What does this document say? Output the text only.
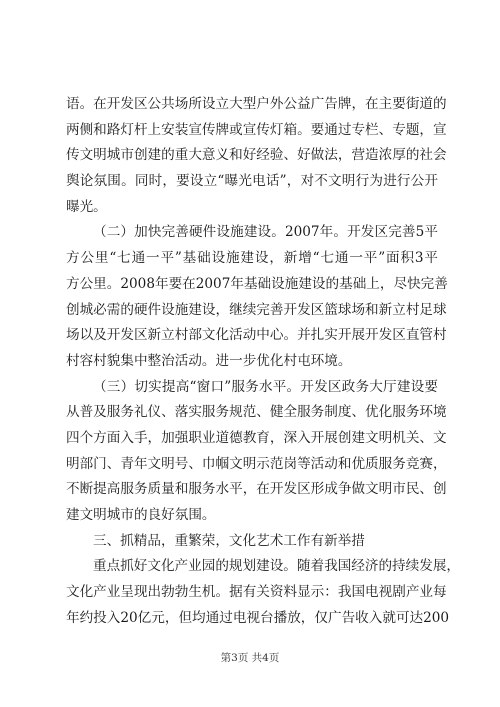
语。在开发区公共场所设立大型户外公益广告牌，在主要街道的
两侧和路灯杆上安装宣传牌或宣传灯箱。要通过专栏、专题，宣
传文明城市创建的重大意义和好经验、好做法，营造浓厚的社会
舆论氛围。同时，要设立“曝光电话”，对不文明行为进行公开
曝光。
（二）加快完善硬件设施建设。2007年。开发区完善5平
方公里“七通一平”基础设施建设，新增“七通一平”面积3平
方公里。2008年要在2007年基础设施建设的基础上，尽快完善
创城必需的硬件设施建设，继续完善开发区篮球场和新立村足球
场以及开发区新立村部文化活动中心。并扎实开展开发区直管村
村容村貌集中整治活动。进一步优化村屯环境。
（三）切实提高“窗口”服务水平。开发区政务大厅建设要
从普及服务礼仪、落实服务规范、健全服务制度、优化服务环境
四个方面入手，加强职业道德教育，深入开展创建文明机关、文
明部门、青年文明号、巾帼文明示范岗等活动和优质服务竞赛，
不断提高服务质量和服务水平，在开发区形成争做文明市民、创
建文明城市的良好氛围。
三、抓精品，重繁荣，文化艺术工作有新举措
重点抓好文化产业园的规划建设。随着我国经济的持续发展，
文化产业呈现出勃勃生机。据有关资料显示：我国电视剧产业每
年约投入20亿元，但均通过电视台播放，仅广告收入就可达200
第3页 共4页
